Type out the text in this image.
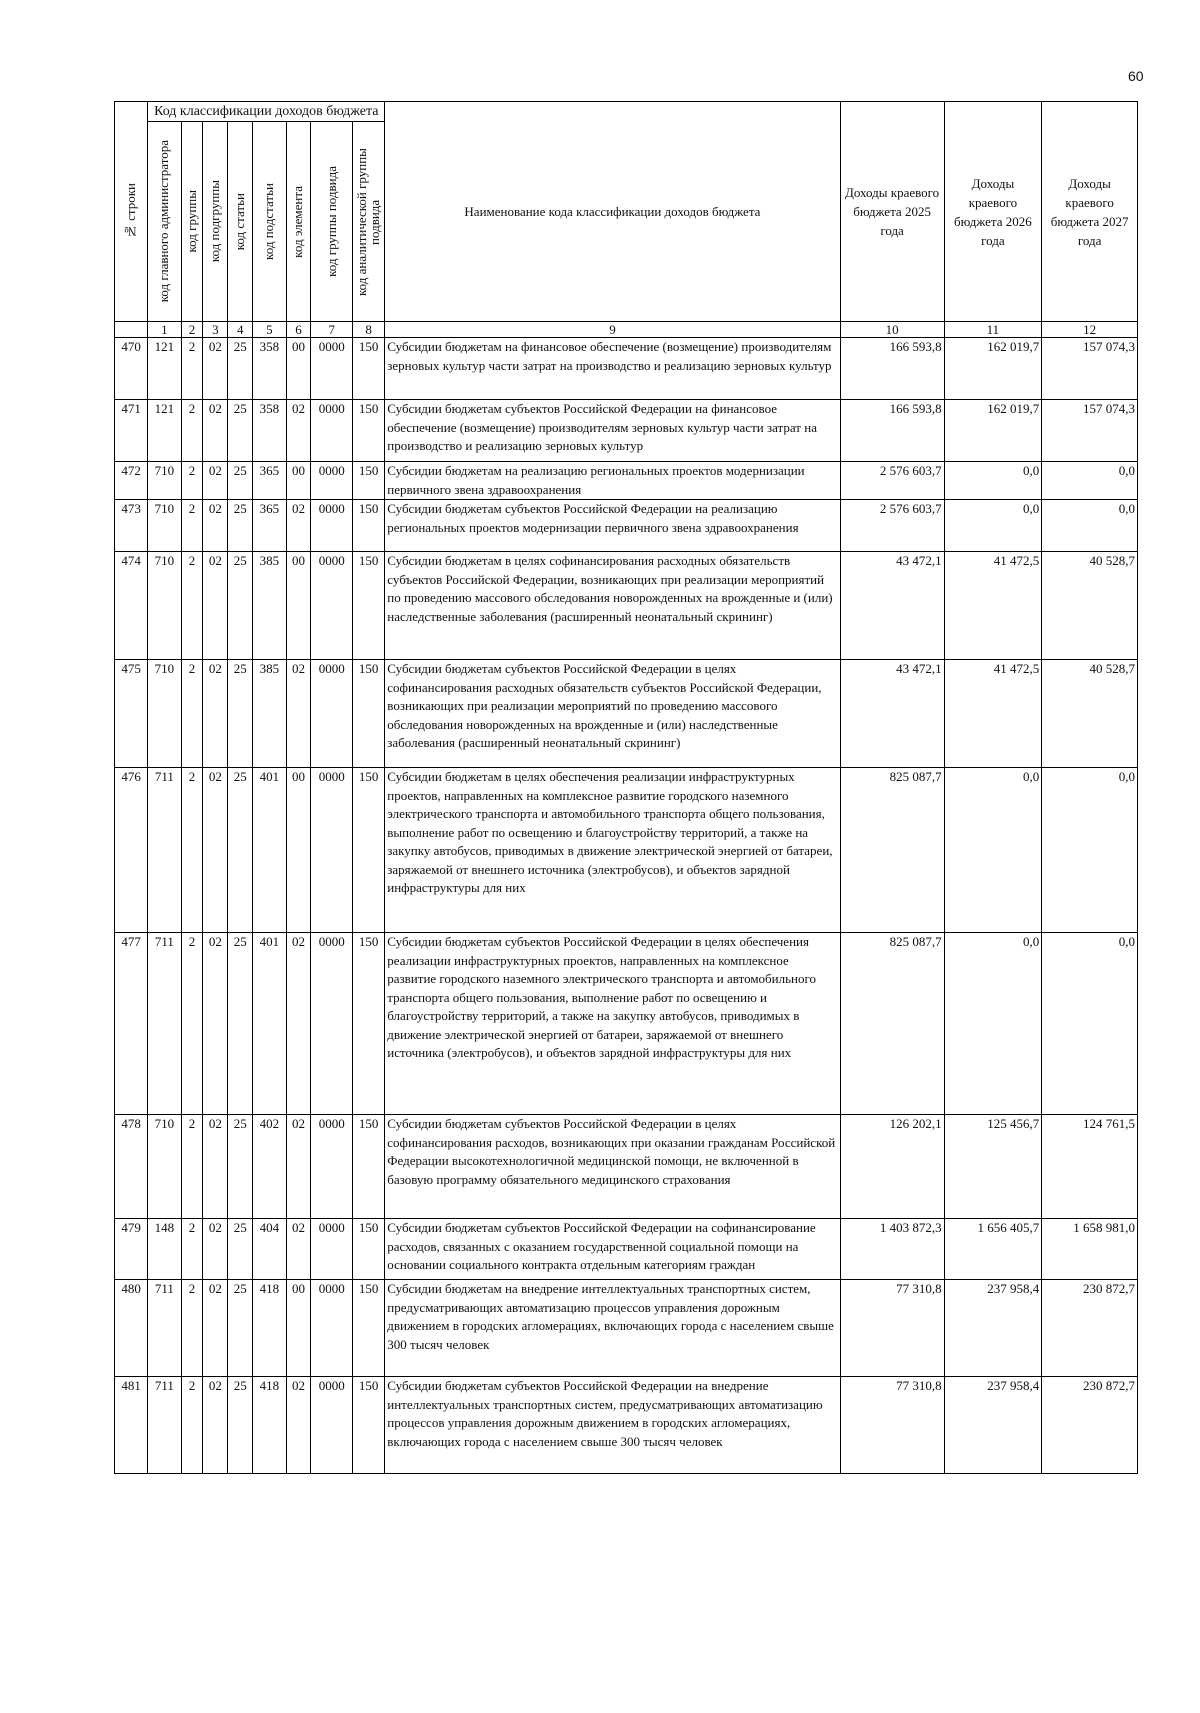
60
№ строки	Код классификации доходов бюджета								Наименование кода классификации доходов бюджета	Доходы краевого бюджета 2025 года	Доходы краевого бюджета 2026 года	Доходы краевого бюджета 2027 года

	код главного администратора	код группы	код подгруппы	код статьи	код подстатьи	код элемента	код группы подвида	код аналитической группы подвида				

	1	2	3	4	5	6	7	8	9	10	11	12
470	121	2	02	25	358	00	0000	150	Субсидии бюджетам на финансовое обеспечение (возмещение) производителям зерновых культур части затрат на производство и реализацию зерновых культур	166 593,8	162 019,7	157 074,3
471	121	2	02	25	358	02	0000	150	Субсидии бюджетам субъектов Российской Федерации на финансовое обеспечение (возмещение) производителям зерновых культур части затрат на производство и реализацию зерновых культур	166 593,8	162 019,7	157 074,3
472	710	2	02	25	365	00	0000	150	Субсидии бюджетам на реализацию региональных проектов модернизации первичного звена здравоохранения	2 576 603,7	0,0	0,0
473	710	2	02	25	365	02	0000	150	Субсидии бюджетам субъектов Российской Федерации на реализацию региональных проектов модернизации первичного звена здравоохранения	2 576 603,7	0,0	0,0
474	710	2	02	25	385	00	0000	150	Субсидии бюджетам в целях софинансирования расходных обязательств субъектов Российской Федерации, возникающих при реализации мероприятий по проведению массового обследования новорожденных на врожденные и (или) наследственные заболевания (расширенный неонатальный скрининг)	43 472,1	41 472,5	40 528,7
475	710	2	02	25	385	02	0000	150	Субсидии бюджетам субъектов Российской Федерации в целях софинансирования расходных обязательств субъектов Российской Федерации, возникающих при реализации мероприятий по проведению массового обследования новорожденных на врожденные и (или) наследственные заболевания (расширенный неонатальный скрининг)	43 472,1	41 472,5	40 528,7
476	711	2	02	25	401	00	0000	150	Субсидии бюджетам в целях обеспечения реализации инфраструктурных проектов, направленных на комплексное развитие городского наземного электрического транспорта и автомобильного транспорта общего пользования, выполнение работ по освещению и благоустройству территорий, а также на закупку автобусов, приводимых в движение электрической энергией от батареи, заряжаемой от внешнего источника (электробусов), и объектов зарядной инфраструктуры для них	825 087,7	0,0	0,0
477	711	2	02	25	401	02	0000	150	Субсидии бюджетам субъектов Российской Федерации в целях обеспечения реализации инфраструктурных проектов, направленных на комплексное развитие городского наземного электрического транспорта и автомобильного транспорта общего пользования, выполнение работ по освещению и благоустройству территорий, а также на закупку автобусов, приводимых в движение электрической энергией от батареи, заряжаемой от внешнего источника (электробусов), и объектов зарядной инфраструктуры для них	825 087,7	0,0	0,0
478	710	2	02	25	402	02	0000	150	Субсидии бюджетам субъектов Российской Федерации в целях софинансирования расходов, возникающих при оказании гражданам Российской Федерации высокотехнологичной медицинской помощи, не включенной в базовую программу обязательного медицинского страхования	126 202,1	125 456,7	124 761,5
479	148	2	02	25	404	02	0000	150	Субсидии бюджетам субъектов Российской Федерации на софинансирование расходов, связанных с оказанием государственной социальной помощи на основании социального контракта отдельным категориям граждан	1 403 872,3	1 656 405,7	1 658 981,0
480	711	2	02	25	418	00	0000	150	Субсидии бюджетам на внедрение интеллектуальных транспортных систем, предусматривающих автоматизацию процессов управления дорожным движением в городских агломерациях, включающих города с населением свыше 300 тысяч человек	77 310,8	237 958,4	230 872,7
481	711	2	02	25	418	02	0000	150	Субсидии бюджетам субъектов Российской Федерации на внедрение интеллектуальных транспортных систем, предусматривающих автоматизацию процессов управления дорожным движением в городских агломерациях, включающих города с населением свыше 300 тысяч человек	77 310,8	237 958,4	230 872,7
